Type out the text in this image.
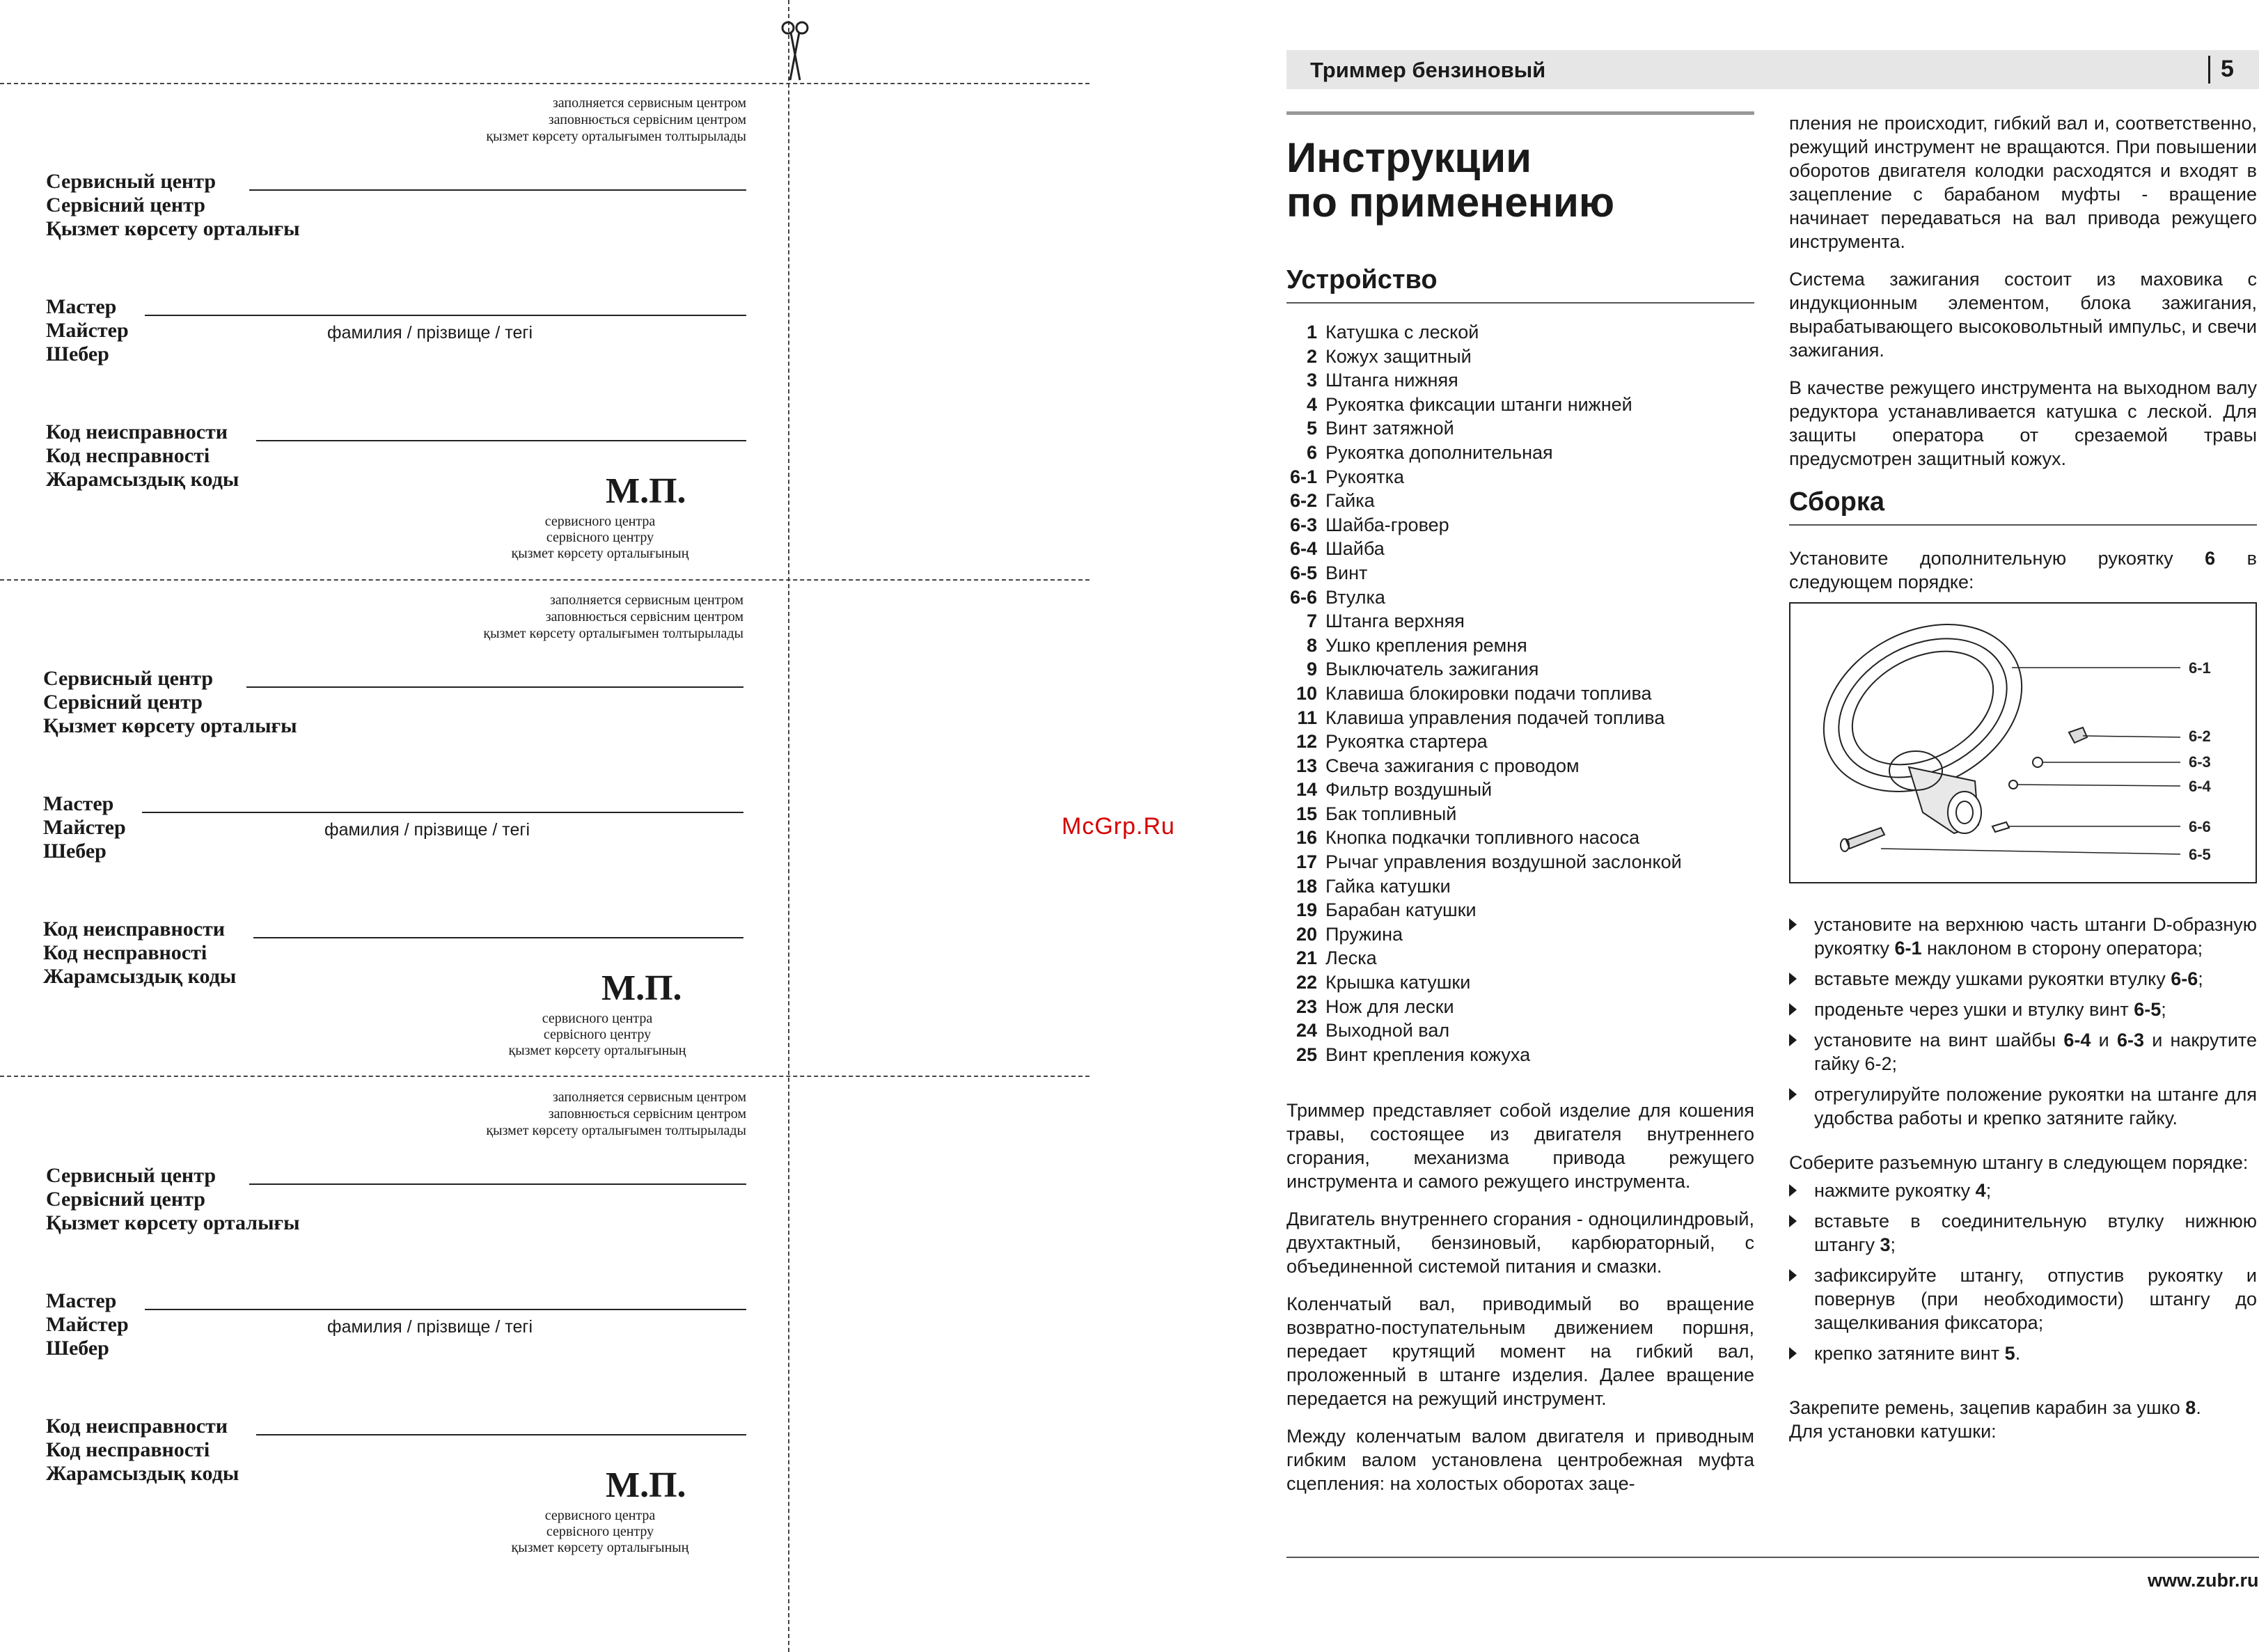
заполняется сервисным центром
заповнюється сервісним центром
қызмет көрсету орталығымен толтырылады
Сервисный центр
Сервісний центр
Қызмет көрсету орталығы
Мастер
Майстер
Шебер
фамилия / прізвище / тегі
Код неисправности
Код несправності
Жарамсыздық коды	М.П.
сервисного центра
сервісного центру
қызмет көрсету орталығының
заполняется сервисным центром
заповнюється сервісним центром
қызмет көрсету орталығымен толтырылады
Сервисный центр
Сервісний центр
Қызмет көрсету орталығы
Мастер
Майстер
Шебер
фамилия / прізвище / тегі
Код неисправности
Код несправності
Жарамсыздық коды	М.П.
сервисного центра
сервісного центру
қызмет көрсету орталығының
заполняется сервисным центром
заповнюється сервісним центром
қызмет көрсету орталығымен толтырылады
Сервисный центр
Сервісний центр
Қызмет көрсету орталығы
Мастер
Майстер
Шебер
фамилия / прізвище / тегі
Код неисправности
Код несправності
Жарамсыздық коды	М.П.
сервисного центра
сервісного центру
қызмет көрсету орталығының
McGrp.Ru
Триммер бензиновый	5
Инструкции
по применению
Устройство
1 Катушка с леской
2 Кожух защитный
3 Штанга нижняя
4 Рукоятка фиксации штанги нижней
5 Винт затяжной
6 Рукоятка дополнительная
6-1 Рукоятка
6-2 Гайка
6-3 Шайба-гровер
6-4 Шайба
6-5 Винт
6-6 Втулка
7 Штанга верхняя
8 Ушко крепления ремня
9 Выключатель зажигания
10 Клавиша блокировки подачи топлива
11 Клавиша управления подачей топлива
12 Рукоятка стартера
13 Свеча зажигания с проводом
14 Фильтр воздушный
15 Бак топливный
16 Кнопка подкачки топливного насоса
17 Рычаг управления воздушной заслонкой
18 Гайка катушки
19 Барабан катушки
20 Пружина
21 Леска
22 Крышка катушки
23 Нож для лески
24 Выходной вал
25 Винт крепления кожуха

Триммер представляет собой изделие для кошения травы, состоящее из двигателя внутреннего сгорания, механизма привода режущего инструмента и самого режущего инструмента.

Двигатель внутреннего сгорания - одноцилиндровый, двухтактный, бензиновый, карбюраторный, с объединенной системой питания и смазки.

Коленчатый вал, приводимый во вращение возвратно-поступательным движением поршня, передает крутящий момент на гибкий вал, проложенный в штанге изделия. Далее вращение передается на режущий инструмент.

Между коленчатым валом двигателя и приводным гибким валом установлена центробежная муфта сцепления: на холостых оборотах заце-

пления не происходит, гибкий вал и, соответственно, режущий инструмент не вращаются. При повышении оборотов двигателя колодки расходятся и входят в зацепление с барабаном муфты - вращение начинает передаваться на вал привода режущего инструмента.

Система зажигания состоит из маховика с индукционным элементом, блока зажигания, вырабатывающего высоковольтный импульс, и свечи зажигания.

В качестве режущего инструмента на выходном валу редуктора устанавливается катушка с леской. Для защиты оператора от срезаемой травы предусмотрен защитный кожух.

Сборка

Установите дополнительную рукоятку 6 в следующем порядке:

6-1
6-2
6-3
6-4
6-6
6-5
установите на верхнюю часть штанги D-образную рукоятку 6-1 наклоном в сторону оператора;
вставьте между ушками рукоятки втулку 6-6;
проденьте через ушки и втулку винт 6-5;
установите на винт шайбы 6-4 и 6-3 и накрутите гайку 6-2;
отрегулируйте положение рукоятки на штанге для удобства работы и крепко затяните гайку.

Соберите разъемную штангу в следующем порядке:

нажмите рукоятку 4;
вставьте в соединительную втулку нижнюю штангу 3;
зафиксируйте штангу, отпустив рукоятку и повернув (при необходимости) штангу до защелкивания фиксатора;
крепко затяните винт 5.

Закрепите ремень, зацепив карабин за ушко 8.

Для установки катушки:

www.zubr.ru
